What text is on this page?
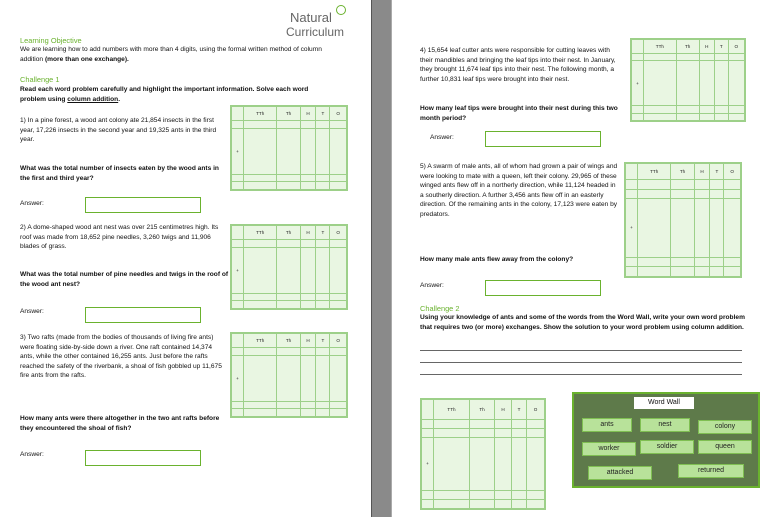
Natural
Curriculum
Learning Objective
We are learning how to add numbers with more than 4 digits, using the formal written method of column addition (more than one exchange).
Challenge 1
Read each word problem carefully and highlight the important information. Solve each word problem using column addition.
1) In a pine forest, a wood ant colony ate 21,854 insects in the first year, 17,226 insects in the second year and 19,325 ants in the third year.
What was the total number of insects eaten by the wood ants in the first and third year?
Answer:
	TTh	Th	H	T	O

+					

2) A dome-shaped wood ant nest was over 215 centimetres high. Its roof was made from 18,652 pine needles, 3,260 twigs and 11,906 blades of grass.
What was the total number of pine needles and twigs in the roof of the wood ant nest?
Answer:
	TTh	Th	H	T	O

+					

3) Two rafts (made from the bodies of thousands of living fire ants) were floating side-by-side down a river. One raft contained 14,374 ants, while the other contained 16,255 ants. Just before the rafts reached the safety of the riverbank, a shoal of fish gobbled up 11,675 fire ants from the rafts.
How many ants were there altogether in the two ant rafts before they encountered the shoal of fish?
Answer:
	TTh	Th	H	T	O

+					

4) 15,654 leaf cutter ants were responsible for cutting leaves with their mandibles and bringing the leaf tips into their nest. In January, they brought 11,674 leaf tips into their nest. The following month, a further 10,831 leaf tips were brought into their nest.
How many leaf tips were brought into their nest during this two month period?
Answer:
	TTh	Th	H	T	O

+					

5) A swarm of male ants, all of whom had grown a pair of wings and were looking to mate with a queen, left their colony. 29,965 of these winged ants flew off in a northerly direction, while 11,124 headed in a southerly direction. A further 3,456 ants flew off in an easterly direction. Of the remaining ants in the colony, 17,123 were eaten by predators.
How many male ants flew away from the colony?
Answer:
	TTh	Th	H	T	O

+					

Challenge 2
Using your knowledge of ants and some of the words from the Word Wall, write your own word problem that requires two (or more) exchanges. Show the solution to your word problem using column addition.
	TTh	Th	H	T	O

+					

Word Wall
ants	nest	colony
worker	soldier	queen
attacked	returned
